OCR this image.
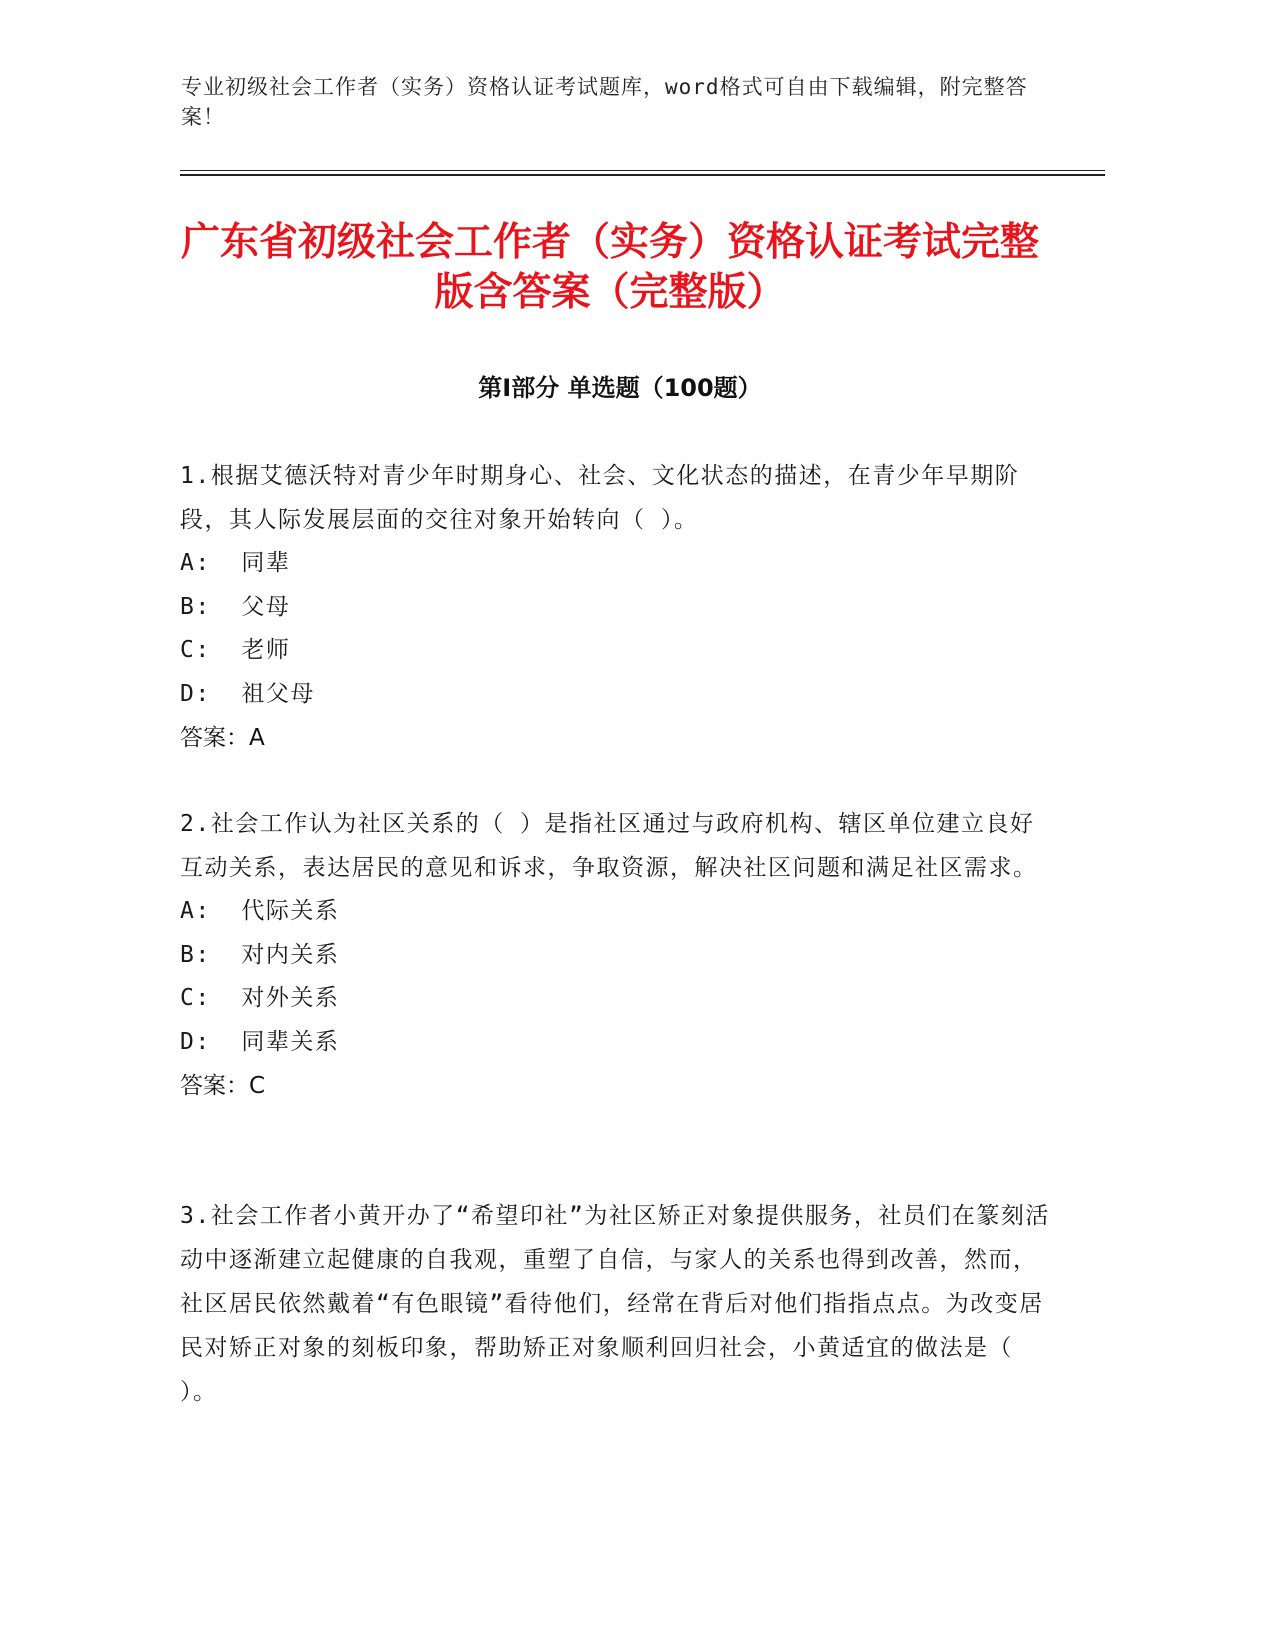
专业初级社会工作者（实务）资格认证考试题库，word格式可自由下载编辑，附完整答案！
广东省初级社会工作者（实务）资格认证考试完整版含答案（完整版）
第Ⅰ部分 单选题（100题）

1.根据艾德沃特对青少年时期身心、社会、文化状态的描述，在青少年早期阶段，其人际发展层面的交往对象开始转向（ ）。

A:  同辈

B:  父母

C:  老师

D:  祖父母

答案：A

2.社会工作认为社区关系的（ ）是指社区通过与政府机构、辖区单位建立良好互动关系，表达居民的意见和诉求，争取资源，解决社区问题和满足社区需求。

A:  代际关系

B:  对内关系

C:  对外关系

D:  同辈关系

答案：C

3.社会工作者小黄开办了“希望印社”为社区矫正对象提供服务，社员们在篆刻活动中逐渐建立起健康的自我观，重塑了自信，与家人的关系也得到改善，然而，社区居民依然戴着“有色眼镜”看待他们，经常在背后对他们指指点点。为改变居民对矫正对象的刻板印象，帮助矫正对象顺利回归社会，小黄适宜的做法是（ ）。
